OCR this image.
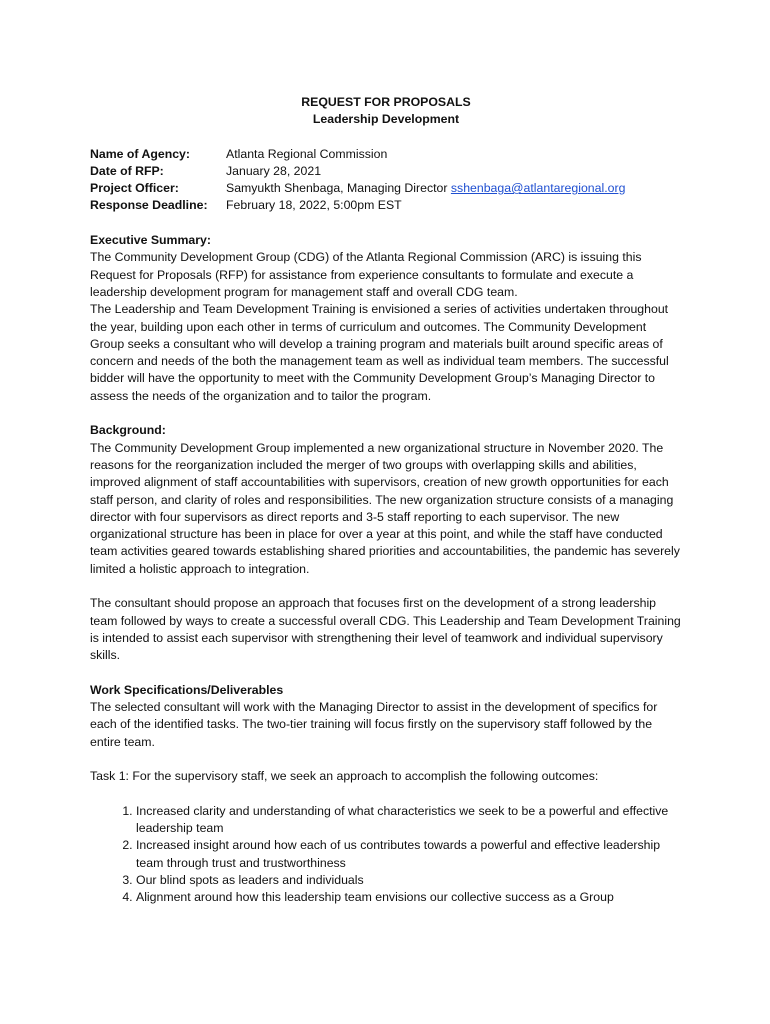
REQUEST FOR PROPOSALS
Leadership Development
Name of Agency:	Atlanta Regional Commission
Date of RFP:	January 28, 2021
Project Officer:	Samyukth Shenbaga, Managing Director sshenbaga@atlantaregional.org
Response Deadline:	February 18, 2022, 5:00pm EST
Executive Summary:

The Community Development Group (CDG) of the Atlanta Regional Commission (ARC) is issuing this Request for Proposals (RFP) for assistance from experience consultants to formulate and execute a leadership development program for management staff and overall CDG team.

The Leadership and Team Development Training is envisioned a series of activities undertaken throughout the year, building upon each other in terms of curriculum and outcomes. The Community Development Group seeks a consultant who will develop a training program and materials built around specific areas of concern and needs of the both the management team as well as individual team members. The successful bidder will have the opportunity to meet with the Community Development Group’s Managing Director to assess the needs of the organization and to tailor the program.

Background:

The Community Development Group implemented a new organizational structure in November 2020. The reasons for the reorganization included the merger of two groups with overlapping skills and abilities, improved alignment of staff accountabilities with supervisors, creation of new growth opportunities for each staff person, and clarity of roles and responsibilities. The new organization structure consists of a managing director with four supervisors as direct reports and 3-5 staff reporting to each supervisor. The new organizational structure has been in place for over a year at this point, and while the staff have conducted team activities geared towards establishing shared priorities and accountabilities, the pandemic has severely limited a holistic approach to integration.

The consultant should propose an approach that focuses first on the development of a strong leadership team followed by ways to create a successful overall CDG. This Leadership and Team Development Training is intended to assist each supervisor with strengthening their level of teamwork and individual supervisory skills.

Work Specifications/Deliverables

The selected consultant will work with the Managing Director to assist in the development of specifics for each of the identified tasks. The two-tier training will focus firstly on the supervisory staff followed by the entire team.

Task 1: For the supervisory staff, we seek an approach to accomplish the following outcomes:

1. Increased clarity and understanding of what characteristics we seek to be a powerful and effective leadership team
2. Increased insight around how each of us contributes towards a powerful and effective leadership team through trust and trustworthiness
3. Our blind spots as leaders and individuals
4. Alignment around how this leadership team envisions our collective success as a Group
